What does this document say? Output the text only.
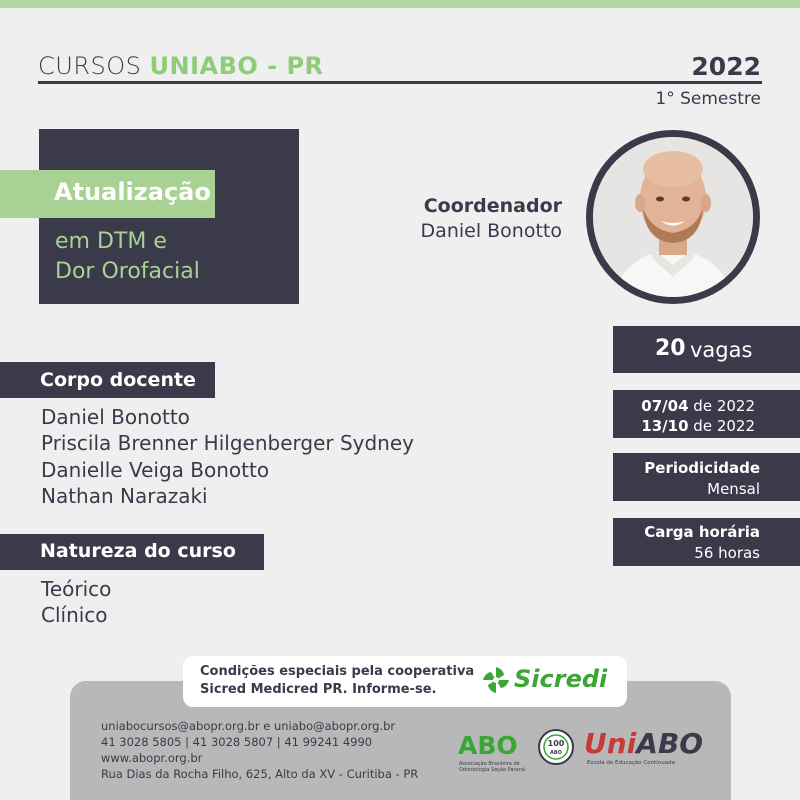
CURSOS UNIABO - PR	2022
1° Semestre
Atualização
em DTM e
Dor Orofacial
Coordenador
Daniel Bonotto
20 vagas
07/04 de 2022
13/10 de 2022
Periodicidade
Mensal
Carga horária
56 horas
Corpo docente
Daniel Bonotto
Priscila Brenner Hilgenberger Sydney
Danielle Veiga Bonotto
Nathan Narazaki
Natureza do curso
Teórico
Clínico
Condições especiais pela cooperativa
Sicred Medicred PR. Informe-se.	Sicredi
uniabocursos@abopr.org.br e uniabo@abopr.org.br
41 3028 5805 | 41 3028 5807 | 41 99241 4990
www.abopr.org.br
Rua Dias da Rocha Filho, 625, Alto da XV - Curitiba - PR
ABO
Associação Brasileira de Odontologia Seção Paraná
100
ABO UniABO
Escola de Educação Continuada
